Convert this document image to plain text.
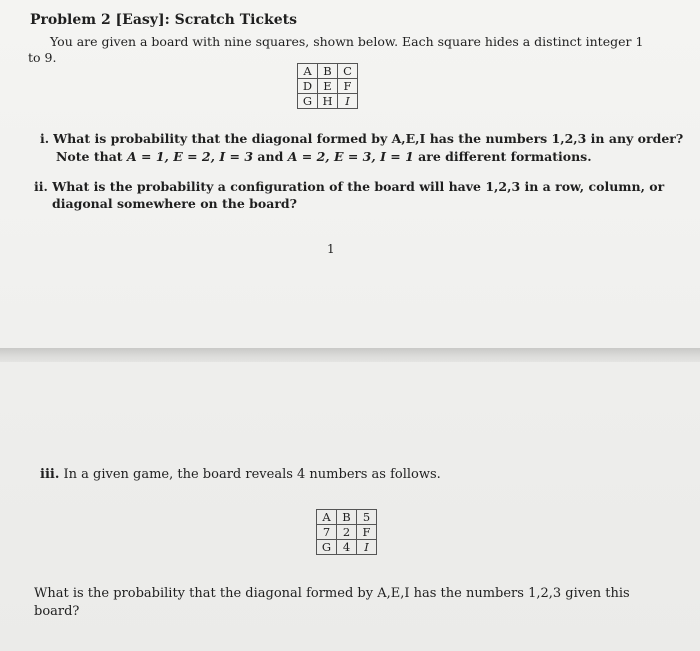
Problem 2 [Easy]: Scratch Tickets
You are given a board with nine squares, shown below. Each square hides a distinct integer 1
to 9.
A	B	C
D	E	F
G	H	I
i. What is probability that the diagonal formed by A,E,I has the numbers 1,2,3 in any order?
Note that A = 1, E = 2, I = 3 and A = 2, E = 3, I = 1 are different formations.
ii. What is the probability a configuration of the board will have 1,2,3 in a row, column, or
diagonal somewhere on the board?
1
iii. In a given game, the board reveals 4 numbers as follows.
A	B	5
7	2	F
G	4	I
What is the probability that the diagonal formed by A,E,I has the numbers 1,2,3 given this
board?
